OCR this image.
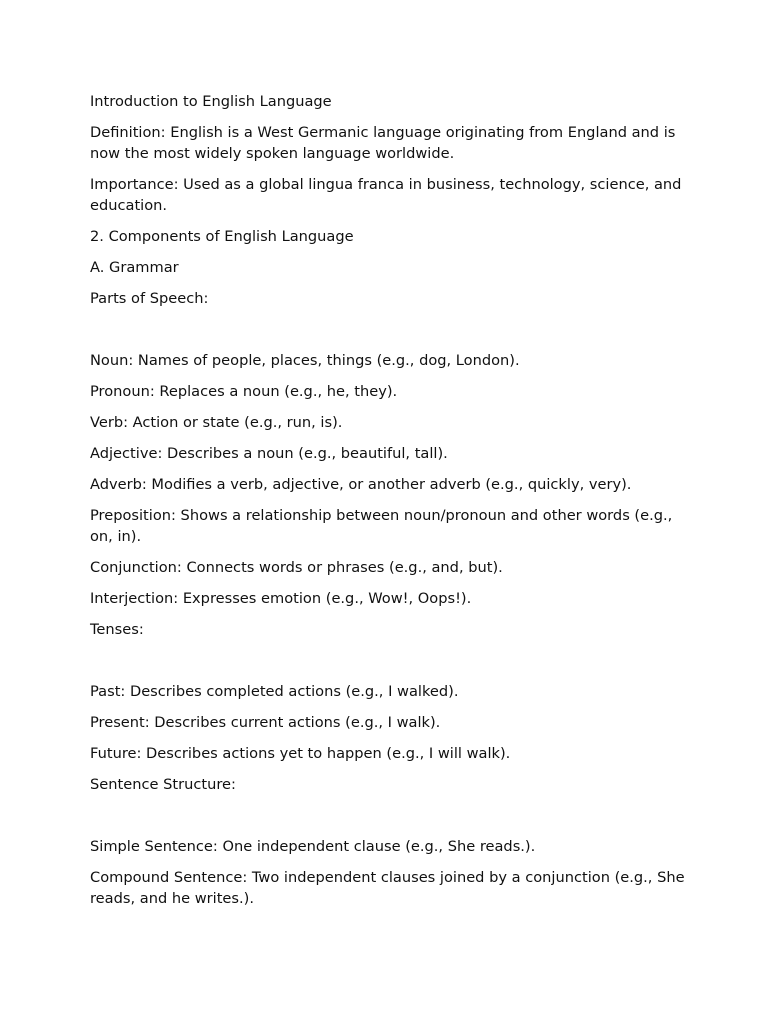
Introduction to English Language

Definition: English is a West Germanic language originating from England and is now the most widely spoken language worldwide.

Importance: Used as a global lingua franca in business, technology, science, and education.

2. Components of English Language

A. Grammar

Parts of Speech:

Noun: Names of people, places, things (e.g., dog, London).

Pronoun: Replaces a noun (e.g., he, they).

Verb: Action or state (e.g., run, is).

Adjective: Describes a noun (e.g., beautiful, tall).

Adverb: Modifies a verb, adjective, or another adverb (e.g., quickly, very).

Preposition: Shows a relationship between noun/pronoun and other words (e.g., on, in).

Conjunction: Connects words or phrases (e.g., and, but).

Interjection: Expresses emotion (e.g., Wow!, Oops!).

Tenses:

Past: Describes completed actions (e.g., I walked).

Present: Describes current actions (e.g., I walk).

Future: Describes actions yet to happen (e.g., I will walk).

Sentence Structure:

Simple Sentence: One independent clause (e.g., She reads.).

Compound Sentence: Two independent clauses joined by a conjunction (e.g., She reads, and he writes.).
